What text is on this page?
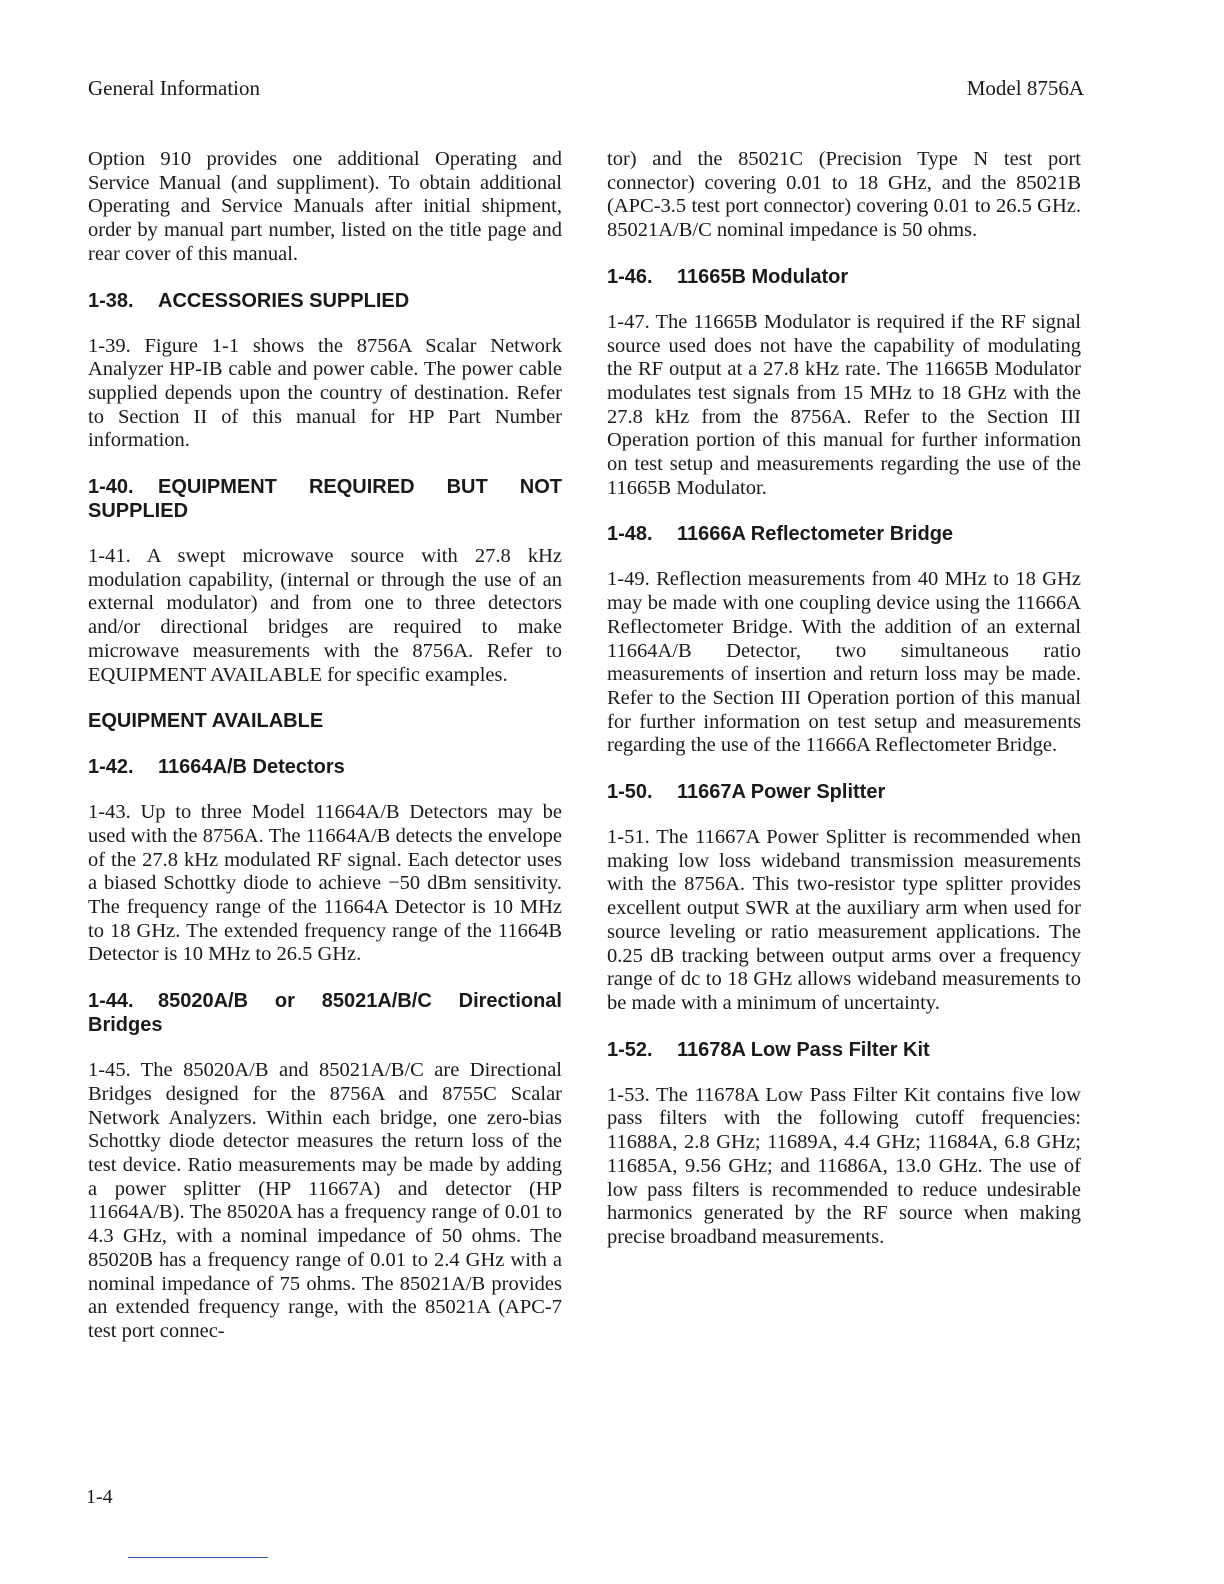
General Information	Model 8756A

Option 910 provides one additional Operating and Service Manual (and suppliment). To obtain additional Operating and Service Manuals after initial shipment, order by manual part number, listed on the title page and rear cover of this manual.

1-38. ACCESSORIES SUPPLIED

1-39. Figure 1-1 shows the 8756A Scalar Network Analyzer HP-IB cable and power cable. The power cable supplied depends upon the country of destination. Refer to Section II of this manual for HP Part Number information.

1-40. EQUIPMENT REQUIRED BUT NOT SUPPLIED

1-41. A swept microwave source with 27.8 kHz modulation capability, (internal or through the use of an external modulator) and from one to three detectors and/or directional bridges are required to make microwave measurements with the 8756A. Refer to EQUIPMENT AVAILABLE for specific examples.

EQUIPMENT AVAILABLE
1-42. 11664A/B Detectors

1-43. Up to three Model 11664A/B Detectors may be used with the 8756A. The 11664A/B detects the envelope of the 27.8 kHz modulated RF signal. Each detector uses a biased Schottky diode to achieve −50 dBm sensitivity. The frequency range of the 11664A Detector is 10 MHz to 18 GHz. The extended frequency range of the 11664B Detector is 10 MHz to 26.5 GHz.

1-44. 85020A/B or 85021A/B/C Directional Bridges

1-45. The 85020A/B and 85021A/B/C are Directional Bridges designed for the 8756A and 8755C Scalar Network Analyzers. Within each bridge, one zero-bias Schottky diode detector measures the return loss of the test device. Ratio measurements may be made by adding a power splitter (HP 11667A) and detector (HP 11664A/B). The 85020A has a frequency range of 0.01 to 4.3 GHz, with a nominal impedance of 50 ohms. The 85020B has a frequency range of 0.01 to 2.4 GHz with a nominal impedance of 75 ohms. The 85021A/B provides an extended frequency range, with the 85021A (APC-7 test port connec-

tor) and the 85021C (Precision Type N test port connector) covering 0.01 to 18 GHz, and the 85021B (APC-3.5 test port connector) covering 0.01 to 26.5 GHz. 85021A/B/C nominal impedance is 50 ohms.

1-46. 11665B Modulator

1-47. The 11665B Modulator is required if the RF signal source used does not have the capability of modulating the RF output at a 27.8 kHz rate. The 11665B Modulator modulates test signals from 15 MHz to 18 GHz with the 27.8 kHz from the 8756A. Refer to the Section III Operation portion of this manual for further information on test setup and measurements regarding the use of the 11665B Modulator.

1-48. 11666A Reflectometer Bridge

1-49. Reflection measurements from 40 MHz to 18 GHz may be made with one coupling device using the 11666A Reflectometer Bridge. With the addition of an external 11664A/B Detector, two simultaneous ratio measurements of insertion and return loss may be made. Refer to the Section III Operation portion of this manual for further information on test setup and measurements regarding the use of the 11666A Reflectometer Bridge.

1-50. 11667A Power Splitter

1-51. The 11667A Power Splitter is recommended when making low loss wideband transmission measurements with the 8756A. This two-resistor type splitter provides excellent output SWR at the auxiliary arm when used for source leveling or ratio measurement applications. The 0.25 dB tracking between output arms over a frequency range of dc to 18 GHz allows wideband measurements to be made with a minimum of uncertainty.

1-52. 11678A Low Pass Filter Kit

1-53. The 11678A Low Pass Filter Kit contains five low pass filters with the following cutoff frequencies: 11688A, 2.8 GHz; 11689A, 4.4 GHz; 11684A, 6.8 GHz; 11685A, 9.56 GHz; and 11686A, 13.0 GHz. The use of low pass filters is recommended to reduce undesirable harmonics generated by the RF source when making precise broadband measurements.

1-4
